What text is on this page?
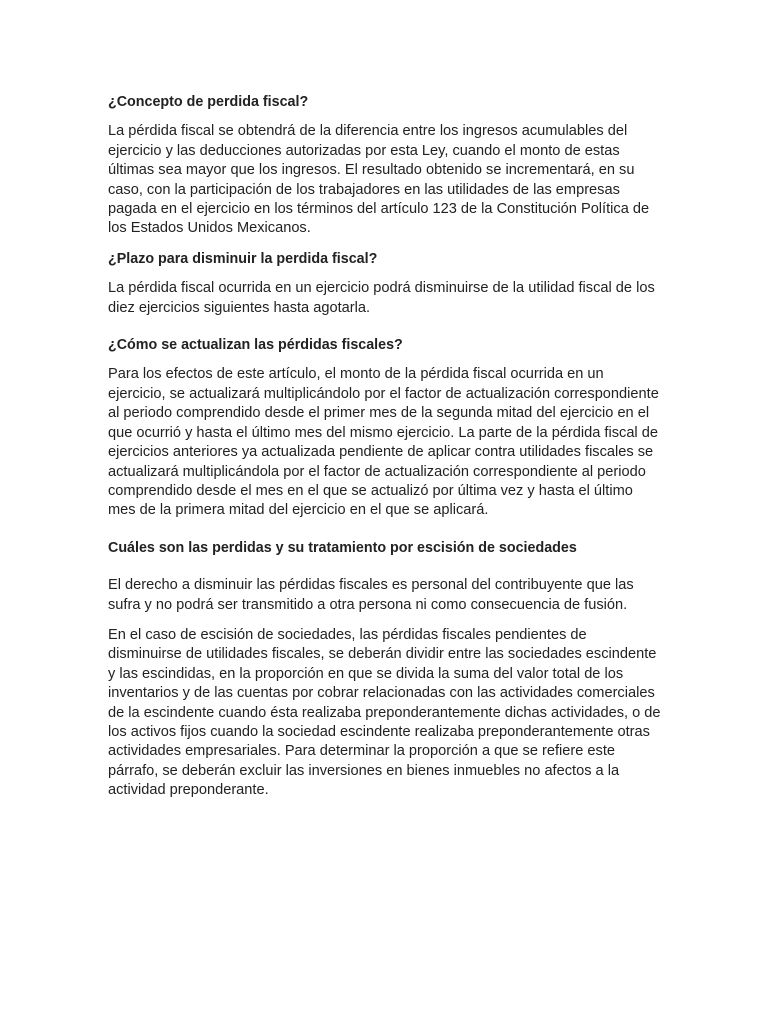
¿Concepto de perdida fiscal?

La pérdida fiscal se obtendrá de la diferencia entre los ingresos acumulables del ejercicio y las deducciones autorizadas por esta Ley, cuando el monto de estas últimas sea mayor que los ingresos. El resultado obtenido se incrementará, en su caso, con la participación de los trabajadores en las utilidades de las empresas pagada en el ejercicio en los términos del artículo 123 de la Constitución Política de los Estados Unidos Mexicanos.

¿Plazo para disminuir la perdida fiscal?

La pérdida fiscal ocurrida en un ejercicio podrá disminuirse de la utilidad fiscal de los diez ejercicios siguientes hasta agotarla.

¿Cómo se actualizan las pérdidas fiscales?

Para los efectos de este artículo, el monto de la pérdida fiscal ocurrida en un ejercicio, se actualizará multiplicándolo por el factor de actualización correspondiente al periodo comprendido desde el primer mes de la segunda mitad del ejercicio en el que ocurrió y hasta el último mes del mismo ejercicio. La parte de la pérdida fiscal de ejercicios anteriores ya actualizada pendiente de aplicar contra utilidades fiscales se actualizará multiplicándola por el factor de actualización correspondiente al periodo comprendido desde el mes en el que se actualizó por última vez y hasta el último mes de la primera mitad del ejercicio en el que se aplicará.

Cuáles son las perdidas y su tratamiento por escisión de sociedades

El derecho a disminuir las pérdidas fiscales es personal del contribuyente que las sufra y no podrá ser transmitido a otra persona ni como consecuencia de fusión.

En el caso de escisión de sociedades, las pérdidas fiscales pendientes de disminuirse de utilidades fiscales, se deberán dividir entre las sociedades escindente y las escindidas, en la proporción en que se divida la suma del valor total de los inventarios y de las cuentas por cobrar relacionadas con las actividades comerciales de la escindente cuando ésta realizaba preponderantemente dichas actividades, o de los activos fijos cuando la sociedad escindente realizaba preponderantemente otras actividades empresariales. Para determinar la proporción a que se refiere este párrafo, se deberán excluir las inversiones en bienes inmuebles no afectos a la actividad preponderante.
